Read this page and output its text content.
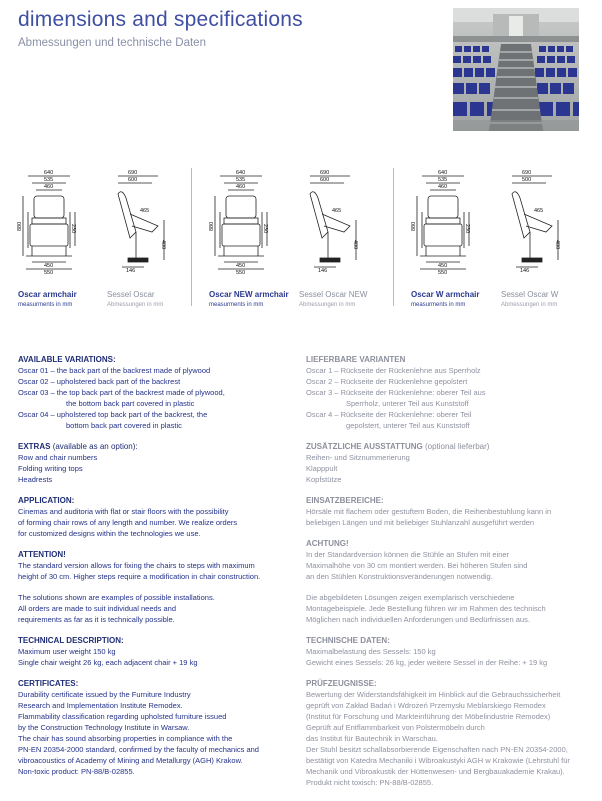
dimensions and specifications
Abmessungen und technische Daten
640
535
460
880	230
450
550
690
600
465
400
146
Oscar armchair
measurments in mm
Sessel Oscar
Abmessungen in mm
640
535
460
880	230
450
550
690
600
465
400
146
Oscar NEW armchair
measurments in mm
Sessel Oscar NEW
Abmessungen in mm
640
535
460
880	230
450
550
690
500
465
400
146
Oscar W armchair
measurments in mm
Sessel Oscar W
Abmessungen in mm
AVAILABLE VARIATIONS:
Oscar 01 – the back part of the backrest made of plywood
Oscar 02 – upholstered back part of the backrest
Oscar 03 – the top back part of the backrest made of plywood,
the bottom back part covered in plastic
Oscar 04 – upholstered top back part of the backrest, the
bottom back part covered in plastic
EXTRAS (available as an option):
Row and chair numbers
Folding writing tops
Headrests
APPLICATION:
Cinemas and auditoria with flat or stair floors with the possibility
of forming chair rows of any length and number. We realize orders
for customized designs within the technologies we use.
ATTENTION!
The standard version allows for fixing the chairs to steps with maximum
height of 30 cm. Higher steps require a modification in chair construction.
The solutions shown are examples of possible installations.
All orders are made to suit individual needs and
requirements as far as it is technically possible.
TECHNICAL DESCRIPTION:
Maximum user weight 150 kg
Single chair weight 26 kg, each adjacent chair + 19 kg
CERTIFICATES:
Durability certificate issued by the Furniture Industry
Research and Implementation Institute Remodex.
Flammability classification regarding upholsted furniture issued
by the Construction Technology Institute in Warsaw.
The chair has sound absorbing properties in compliance with the
PN-EN 20354-2000 standard, confirmed by the faculty of mechanics and
vibroacoustics of Academy of Mining and Metallurgy (AGH) Krakow.
Non-toxic product: PN-88/B-02855.
LIEFERBARE VARIANTEN
Oscar 1 – Rückseite der Rückenlehne aus Sperrholz
Oscar 2 – Rückseite der Rückenlehne gepolstert
Oscar 3 – Rückseite der Rückenlehne: oberer Teil aus
Sperrholz, unterer Teil aus Kunststoff
Oscar 4 – Rückseite der Rückenlehne: oberer Teil
gepolstert, unterer Teil aus Kunststoff
ZUSÄTZLICHE AUSSTATTUNG (optional lieferbar)
Reihen- und Sitznummerierung
Klapppult
Kopfstütze
EINSATZBEREICHE:
Hörsäle mit flachem oder gestuftem Boden, die Reihenbestuhlung kann in
beliebigen Längen und mit beliebiger Stuhlanzahl ausgeführt werden
ACHTUNG!
In der Standardversion können die Stühle an Stufen mit einer
Maximalhöhe von 30 cm montiert werden. Bei höheren Stufen sind
an den Stühlen Konstruktionsveränderungen notwendig.
Die abgebildeten Lösungen zeigen exemplarisch verschiedene
Montagebeispiele. Jede Bestellung führen wir im Rahmen des technisch
Möglichen nach individuellen Anforderungen und Bedürfnissen aus.
TECHNISCHE DATEN:
Maximalbelastung des Sessels: 150 kg
Gewicht eines Sessels: 26 kg, jeder weitere Sessel in der Reihe: + 19 kg
PRÜFZEUGNISSE:
Bewertung der Widerstandsfähigkeit im Hinblick auf die Gebrauchssicherheit
geprüft von Zakład Badań i Wdrożeń Przemysłu Meblarskiego Remodex
(Institut für Forschung und Markteinführung der Möbelindustrie Remodex)
Geprüft auf Entflammbarkeit von Polstermöbeln durch
das Institut für Bautechnik in Warschau.
Der Stuhl besitzt schallabsorbierende Eigenschaften nach PN-EN 20354-2000,
bestätigt von Katedra Mechaniki i Wibroakustyki AGH w Krakowie (Lehrstuhl für
Mechanik und Vibroakustik der Hüttenwesen- und Bergbauakademie Krakau).
Produkt nicht toxisch: PN-88/B-02855.
